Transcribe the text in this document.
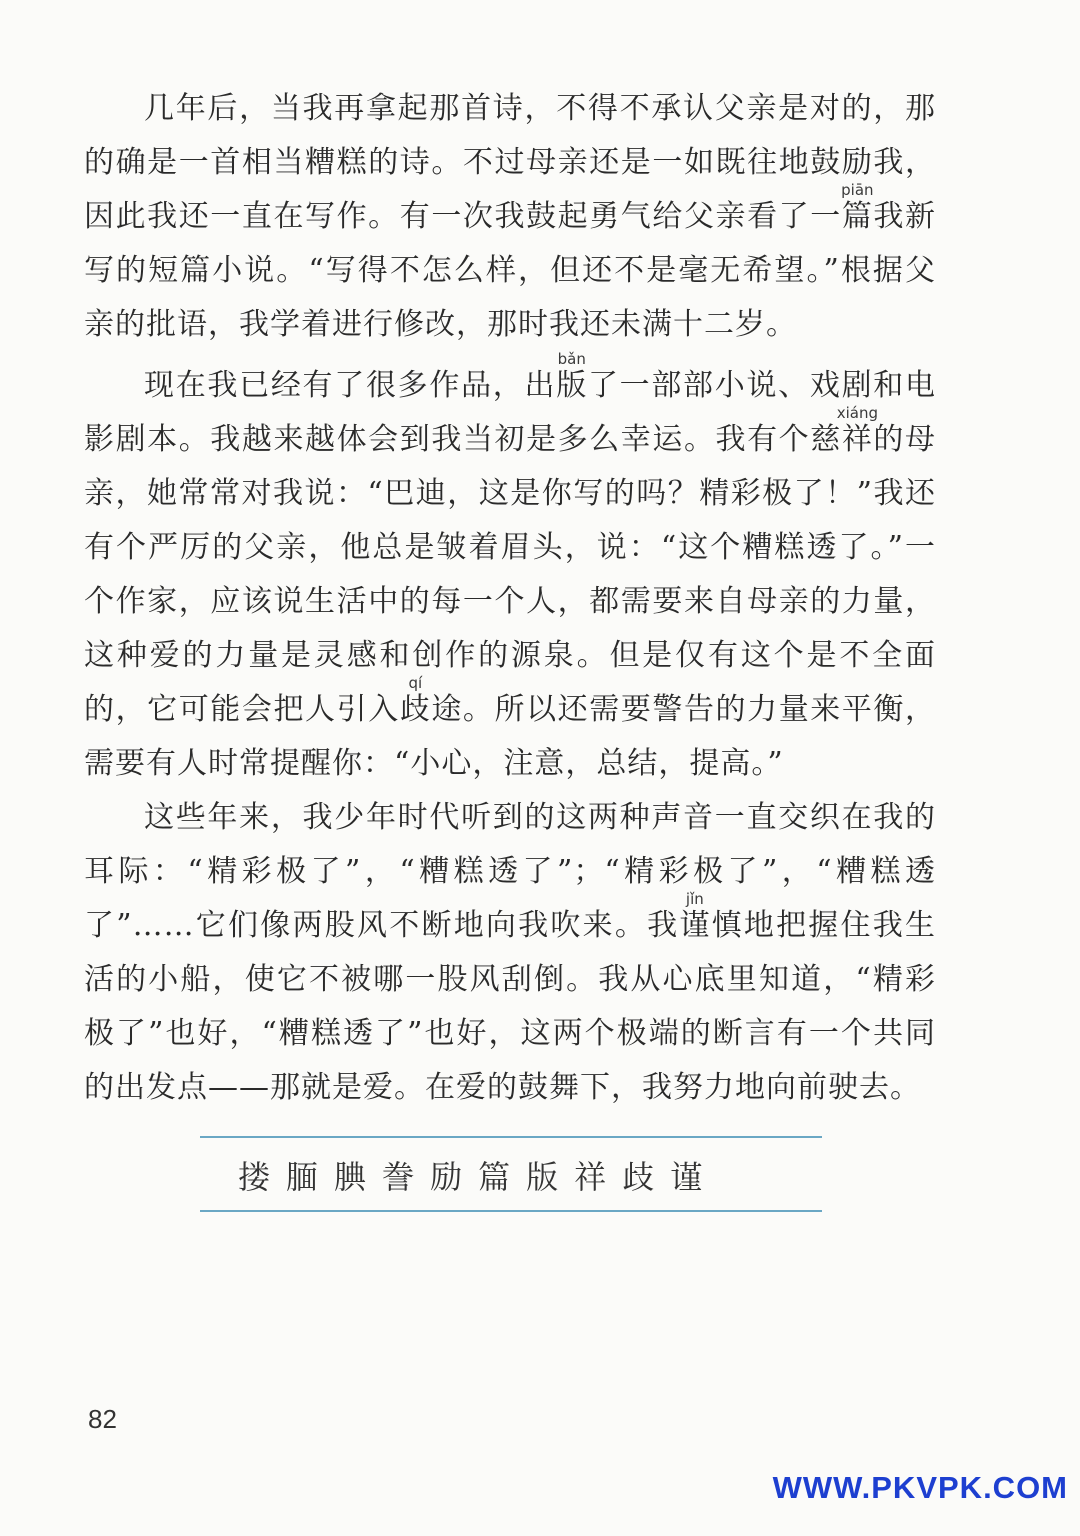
几年后，当我再拿起那首诗，不得不承认父亲是对的，那的确是一首相当糟糕的诗。不过母亲还是一如既往地鼓励我，因此我还一直在写作。有一次我鼓起勇气给父亲看了一篇piān我新写的短篇小说。“写得不怎么样，但还不是毫无希望。”根据父亲的批语，我学着进行修改，那时我还未满十二岁。

现在我已经有了很多作品，出版bǎn了一部部小说、戏剧和电影剧本。我越来越体会到我当初是多么幸运。我有个慈祥xiáng的母亲，她常常对我说：“巴迪，这是你写的吗？精彩极了！”我还有个严厉的父亲，他总是皱着眉头，说：“这个糟糕透了。”一个作家，应该说生活中的每一个人，都需要来自母亲的力量，这种爱的力量是灵感和创作的源泉。但是仅有这个是不全面的，它可能会把人引入歧qí途。所以还需要警告的力量来平衡，需要有人时常提醒你：“小心，注意，总结，提高。”

这些年来，我少年时代听到的这两种声音一直交织在我的耳际：“精彩极了”，“糟糕透了”；“精彩极了”，“糟糕透了”……它们像两股风不断地向我吹来。我谨jǐn慎地把握住我生活的小船，使它不被哪一股风刮倒。我从心底里知道，“精彩极了”也好，“糟糕透了”也好，这两个极端的断言有一个共同的出发点——那就是爱。在爱的鼓舞下，我努力地向前驶去。

搂 腼 腆 誊 励 篇 版 祥 歧 谨
82
WWW.PKVPK.COM
